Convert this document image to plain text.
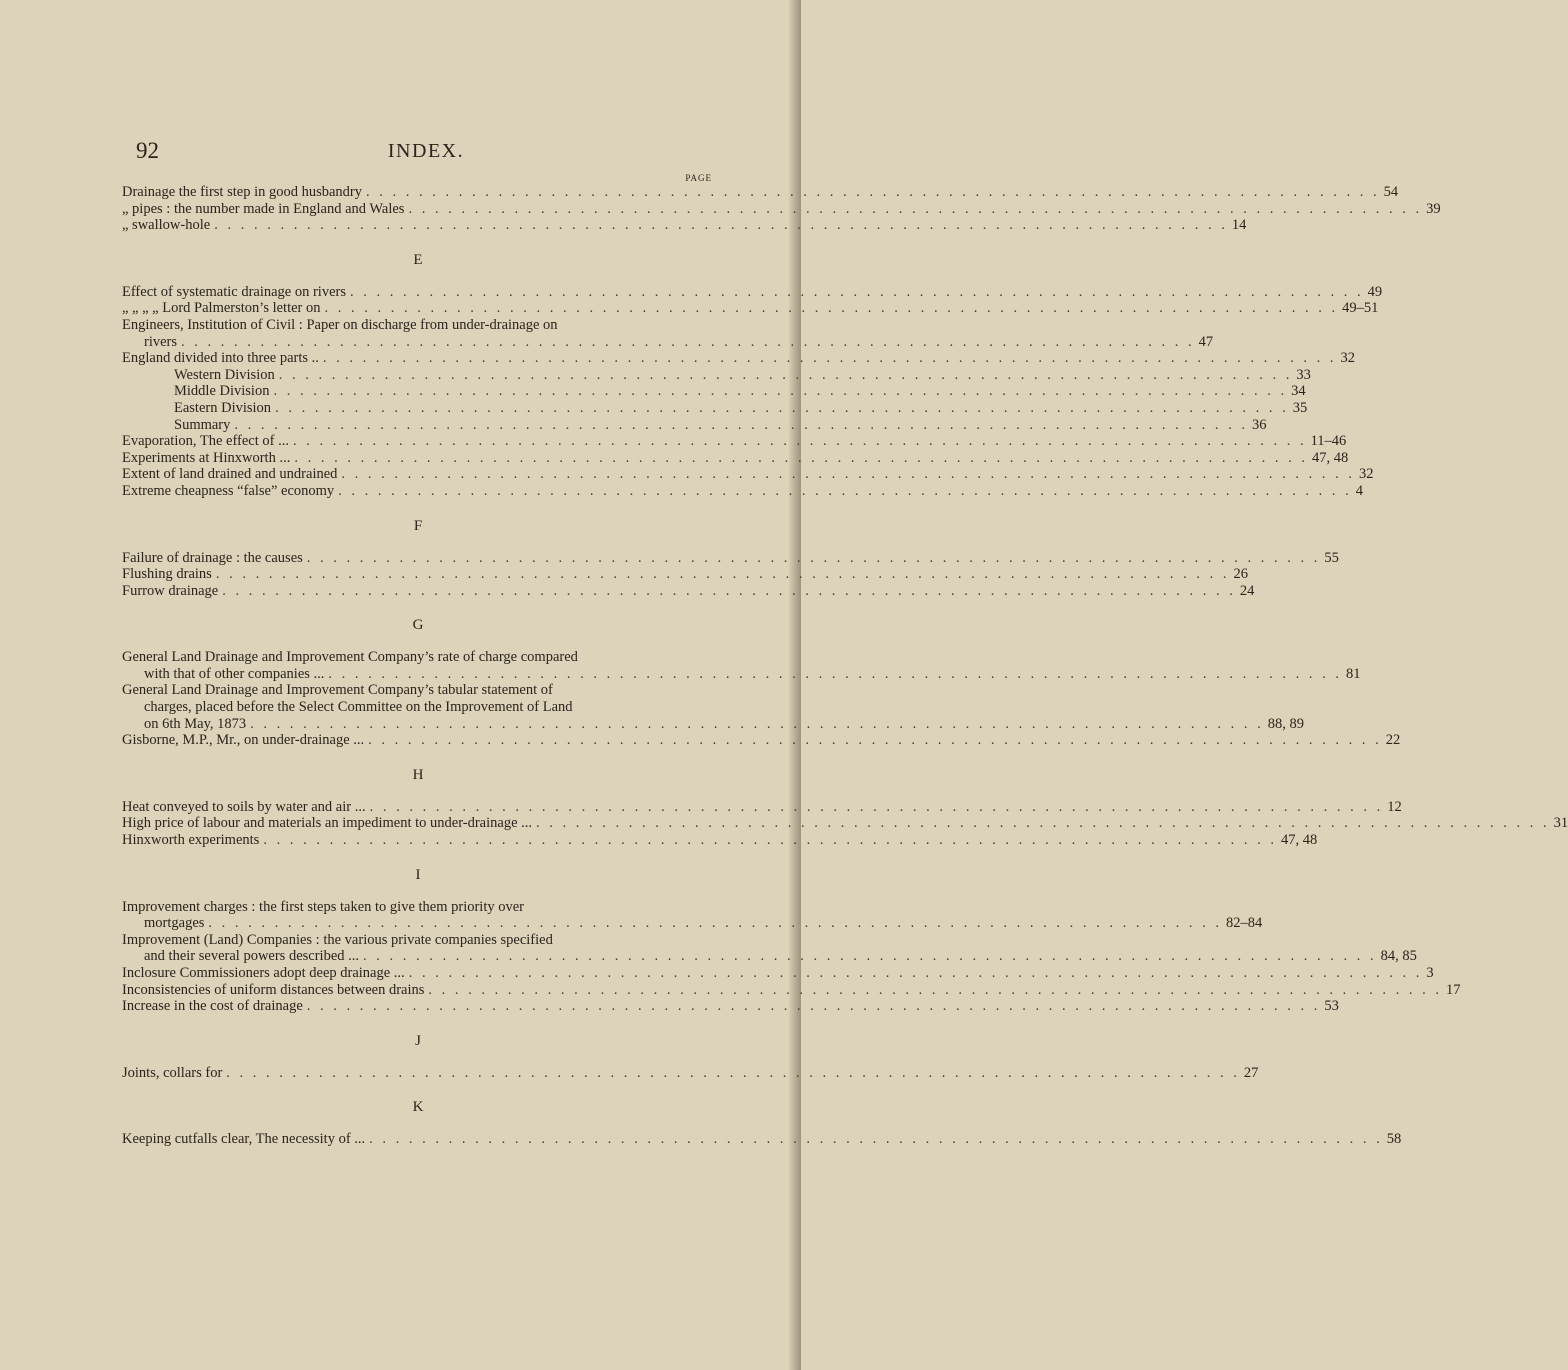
92	INDEX.
PAGE
Drainage the first step in good husbandry . . . . . . . . . . . . . . . . . . . . . . . . . . . . . . . . . . . . . . . . . . . . . . . . . . . . . . . . . . . . . . . . . . . . . . . . . . . . . 54
„ pipes : the number made in England and Wales . . . . . . . . . . . . . . . . . . . . . . . . . . . . . . . . . . . . . . . . . . . . . . . . . . . . . . . . . . . . . . . . . . . . . . . . . . . . . 39
„ swallow-hole . . . . . . . . . . . . . . . . . . . . . . . . . . . . . . . . . . . . . . . . . . . . . . . . . . . . . . . . . . . . . . . . . . . . . . . . . . . . . 14
E
Effect of systematic drainage on rivers . . . . . . . . . . . . . . . . . . . . . . . . . . . . . . . . . . . . . . . . . . . . . . . . . . . . . . . . . . . . . . . . . . . . . . . . . . . . . 49
„ „ „ „ Lord Palmerston’s letter on . . . . . . . . . . . . . . . . . . . . . . . . . . . . . . . . . . . . . . . . . . . . . . . . . . . . . . . . . . . . . . . . . . . . . . . . . . . . . 49–51
Engineers, Institution of Civil : Paper on discharge from under-drainage on
rivers . . . . . . . . . . . . . . . . . . . . . . . . . . . . . . . . . . . . . . . . . . . . . . . . . . . . . . . . . . . . . . . . . . . . . . . . . . . . . 47
England divided into three parts .. . . . . . . . . . . . . . . . . . . . . . . . . . . . . . . . . . . . . . . . . . . . . . . . . . . . . . . . . . . . . . . . . . . . . . . . . . . . . . 32
Western Division . . . . . . . . . . . . . . . . . . . . . . . . . . . . . . . . . . . . . . . . . . . . . . . . . . . . . . . . . . . . . . . . . . . . . . . . . . . . . 33
Middle Division . . . . . . . . . . . . . . . . . . . . . . . . . . . . . . . . . . . . . . . . . . . . . . . . . . . . . . . . . . . . . . . . . . . . . . . . . . . . . 34
Eastern Division . . . . . . . . . . . . . . . . . . . . . . . . . . . . . . . . . . . . . . . . . . . . . . . . . . . . . . . . . . . . . . . . . . . . . . . . . . . . . 35
Summary . . . . . . . . . . . . . . . . . . . . . . . . . . . . . . . . . . . . . . . . . . . . . . . . . . . . . . . . . . . . . . . . . . . . . . . . . . . . . 36
Evaporation, The effect of ... . . . . . . . . . . . . . . . . . . . . . . . . . . . . . . . . . . . . . . . . . . . . . . . . . . . . . . . . . . . . . . . . . . . . . . . . . . . . . 11–46
Experiments at Hinxworth ... . . . . . . . . . . . . . . . . . . . . . . . . . . . . . . . . . . . . . . . . . . . . . . . . . . . . . . . . . . . . . . . . . . . . . . . . . . . . . 47, 48
Extent of land drained and undrained . . . . . . . . . . . . . . . . . . . . . . . . . . . . . . . . . . . . . . . . . . . . . . . . . . . . . . . . . . . . . . . . . . . . . . . . . . . . . 32
Extreme cheapness “false” economy . . . . . . . . . . . . . . . . . . . . . . . . . . . . . . . . . . . . . . . . . . . . . . . . . . . . . . . . . . . . . . . . . . . . . . . . . . . . . 4
F
Failure of drainage : the causes . . . . . . . . . . . . . . . . . . . . . . . . . . . . . . . . . . . . . . . . . . . . . . . . . . . . . . . . . . . . . . . . . . . . . . . . . . . . . 55
Flushing drains . . . . . . . . . . . . . . . . . . . . . . . . . . . . . . . . . . . . . . . . . . . . . . . . . . . . . . . . . . . . . . . . . . . . . . . . . . . . . 26
Furrow drainage . . . . . . . . . . . . . . . . . . . . . . . . . . . . . . . . . . . . . . . . . . . . . . . . . . . . . . . . . . . . . . . . . . . . . . . . . . . . . 24
G
General Land Drainage and Improvement Company’s rate of charge compared
with that of other companies ... . . . . . . . . . . . . . . . . . . . . . . . . . . . . . . . . . . . . . . . . . . . . . . . . . . . . . . . . . . . . . . . . . . . . . . . . . . . . . 81
General Land Drainage and Improvement Company’s tabular statement of
charges, placed before the Select Committee on the Improvement of Land
on 6th May, 1873 . . . . . . . . . . . . . . . . . . . . . . . . . . . . . . . . . . . . . . . . . . . . . . . . . . . . . . . . . . . . . . . . . . . . . . . . . . . . . 88, 89
Gisborne, M.P., Mr., on under-drainage ... . . . . . . . . . . . . . . . . . . . . . . . . . . . . . . . . . . . . . . . . . . . . . . . . . . . . . . . . . . . . . . . . . . . . . . . . . . . . . 22
H
Heat conveyed to soils by water and air ... . . . . . . . . . . . . . . . . . . . . . . . . . . . . . . . . . . . . . . . . . . . . . . . . . . . . . . . . . . . . . . . . . . . . . . . . . . . . . 12
High price of labour and materials an impediment to under-drainage ... . . . . . . . . . . . . . . . . . . . . . . . . . . . . . . . . . . . . . . . . . . . . . . . . . . . . . . . . . . . . . . . . . . . . . . . . . . . . . 31
Hinxworth experiments . . . . . . . . . . . . . . . . . . . . . . . . . . . . . . . . . . . . . . . . . . . . . . . . . . . . . . . . . . . . . . . . . . . . . . . . . . . . . 47, 48
I
Improvement charges : the first steps taken to give them priority over
mortgages . . . . . . . . . . . . . . . . . . . . . . . . . . . . . . . . . . . . . . . . . . . . . . . . . . . . . . . . . . . . . . . . . . . . . . . . . . . . . 82–84
Improvement (Land) Companies : the various private companies specified
and their several powers described ... . . . . . . . . . . . . . . . . . . . . . . . . . . . . . . . . . . . . . . . . . . . . . . . . . . . . . . . . . . . . . . . . . . . . . . . . . . . . . 84, 85
Inclosure Commissioners adopt deep drainage ... . . . . . . . . . . . . . . . . . . . . . . . . . . . . . . . . . . . . . . . . . . . . . . . . . . . . . . . . . . . . . . . . . . . . . . . . . . . . . 3
Inconsistencies of uniform distances between drains . . . . . . . . . . . . . . . . . . . . . . . . . . . . . . . . . . . . . . . . . . . . . . . . . . . . . . . . . . . . . . . . . . . . . . . . . . . . . 17
Increase in the cost of drainage . . . . . . . . . . . . . . . . . . . . . . . . . . . . . . . . . . . . . . . . . . . . . . . . . . . . . . . . . . . . . . . . . . . . . . . . . . . . . 53
J
Joints, collars for . . . . . . . . . . . . . . . . . . . . . . . . . . . . . . . . . . . . . . . . . . . . . . . . . . . . . . . . . . . . . . . . . . . . . . . . . . . . . 27
K
Keeping cutfalls clear, The necessity of ... . . . . . . . . . . . . . . . . . . . . . . . . . . . . . . . . . . . . . . . . . . . . . . . . . . . . . . . . . . . . . . . . . . . . . . . . . . . . . 58
